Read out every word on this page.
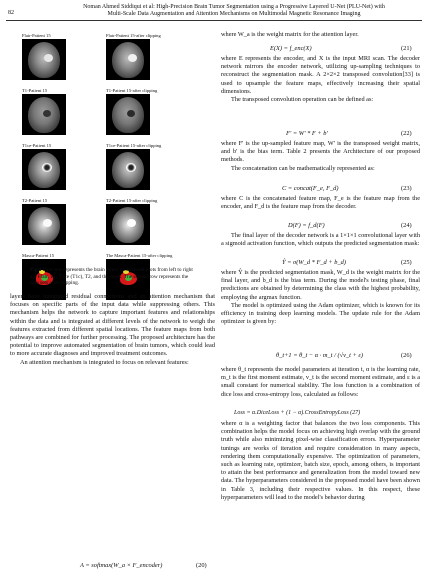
82
Noman Ahmed Siddiqui et al: High-Precision Brain Tumor Segmentation using a Progressive Layered U-Net (PLU-Net) with
Multi-Scale Data Augmentation and Attention Mechanisms on Multimodal Magnetic Resonance Imaging
Flair-Patient 15	Flair-Patient 15-after clipping
T1-Patient 15	T1-Patient 15-after clipping
T1ce-Patient 15	T1ce-Patient 15-after clipping
T2-Patient 15	T2-Patient 15-after clipping
Masca-Patient 15	The Masca-Patient 15-after clipping
Fig.4 First row represents the brain tumor multimodal plots from left to right are Flair, T1, T1ce (T1c), T2, and the mask. The second row represents the data sets after clipping.

layers have integrated residual connections and an attention mechanism that focuses on specific parts of the input data while suppressing others. This mechanism helps the network to capture important features and relationships within the data and is integrated at different levels of the network to weigh the features extracted from different spatial locations. The feature maps from both pathways are combined for further processing. The proposed architecture has the potential to improve automated segmentation of brain tumors, which could lead to more accurate diagnoses and improved treatment outcomes.

An attention mechanism is integrated to focus on relevant features:

A = softmax(W_a × F_encoder)	(20)

where W_a is the weight matrix for the attention layer.

E(X) = f_enc(X)	(21)

where E represents the encoder, and X is the input MRI scan. The decoder network mirrors the encoder network, utilizing up-sampling techniques to reconstruct the segmentation mask. A 2×2×2 transposed convolution[33] is used to upsample the feature maps, effectively increasing their spatial dimensions.

The transposed convolution operation can be defined as:

F' = W' * F + b'	(22)

where F' is the up-sampled feature map, W' is the transposed weight matrix, and b' is the bias term. Table 2 presents the Architecture of our proposed methods.

The concatenation can be mathematically represented as:

C = concat(F_e, F_d)	(23)

where C is the concatenated feature map, F_e is the feature map from the encoder, and F_d is the feature map from the decoder.

D(F) = f_d(F)	(24)

The final layer of the decoder network is a 1×1×1 convolutional layer with a sigmoid activation function, which outputs the predicted segmentation mask:

Ŷ = σ(W_d * F_d + b_d)	(25)

where Ŷ is the predicted segmentation mask, W_d is the weight matrix for the final layer, and b_d is the bias term. During the model's testing phase, final predictions are obtained by determining the class with the highest probability, employing the argmax function.

The model is optimized using the Adam optimizer, which is known for its efficiency in training deep learning models. The update rule for the Adam optimizer is given by:

θ_t+1 = θ_t − α · m_t / (√v_t + ε)	(26)

where θ_t represents the model parameters at iteration t, α is the learning rate, m_t is the first moment estimate, v_t is the second moment estimate, and ε is a small constant for numerical stability. The loss function is a combination of dice loss and cross-entropy loss, calculated as follows:

Loss = α.DiceLoss + (1 − α).CrossEntropyLoss (27)

where α is a weighting factor that balances the two loss components. This combination helps the model focus on achieving high overlap with the ground truth while also minimizing pixel-wise classification errors. Hyperparameter tunings are works of iteration and require consideration in many aspects, rendering them computationally expensive. The optimization of parameters, such as learning rate, optimizer, batch size, epoch, among others, is important to attain the best performance and generalization from the model toward new data. The hyperparameters considered in the proposed model have been shown in Table 3, including their respective values. In this respect, these hyperparameters will lead to the model's behavior during
